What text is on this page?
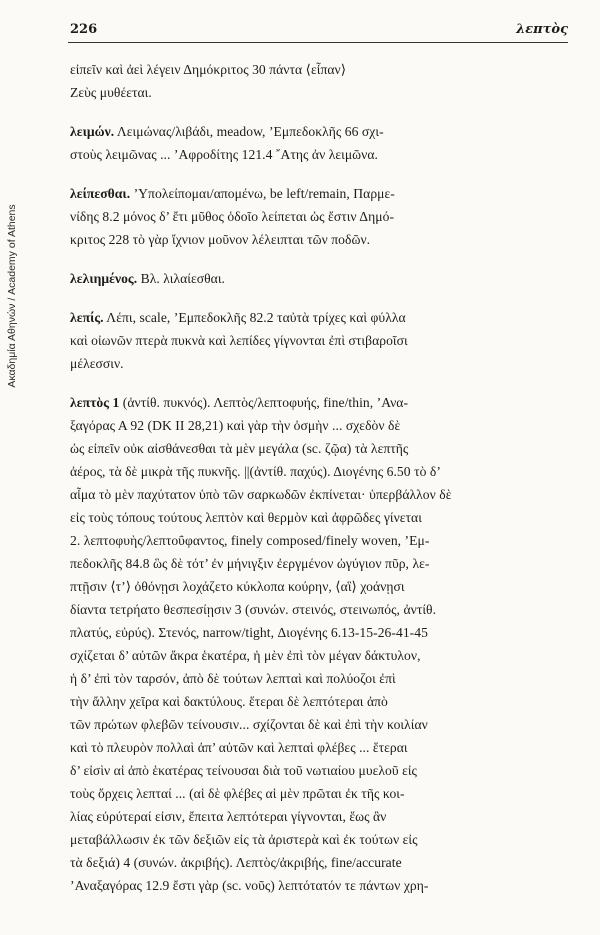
Ακαδημία Αθηνών / Academy of Athens
226	λεπτὸς

εἰπεῖν καὶ ἀεὶ λέγειν Δημόκριτος 30 πάντα ⟨εἶπαν⟩
Ζεὺς μυθέεται.

λειμών. Λειμώνας/λιβάδι, meadow, ’Εμπεδοκλῆς 66 σχι-
στοὺς λειμῶνας ... ’Αφροδίτης 121.4 ῎Ατης ἀν λειμῶνα.

λείπεσθαι. ’Υπολείπομαι/απομένω, be left/remain, Παρμε-
νίδης 8.2 μόνος δ’ ἔτι μῦθος ὁδοῖο λείπεται ὡς ἔστιν Δημό-
κριτος 228 τὸ γὰρ ἴχνιον μοῦνον λέλειπται τῶν ποδῶν.

λελιημένος. Βλ. λιλαίεσθαι.

λεπίς. Λέπι, scale, ’Εμπεδοκλῆς 82.2 ταὐτὰ τρίχες καὶ φύλλα
καὶ οἰωνῶν πτερὰ πυκνὰ καὶ λεπίδες γίγνονται ἐπὶ στιβαροῖσι
μέλεσσιν.

λεπτὸς 1 (ἀντίθ. πυκνός). Λεπτὸς/λεπτοφυής, fine/thin, ’Ανα-
ξαγόρας Α 92 (DK II 28,21) καὶ γὰρ τὴν ὀσμὴν ... σχεδὸν δὲ
ὡς εἰπεῖν οὐκ αἰσθάνεσθαι τὰ μὲν μεγάλα (sc. ζῷα) τὰ λεπτῆς
ἀέρος, τὰ δὲ μικρὰ τῆς πυκνῆς. ||(ἀντίθ. παχύς). Διογένης 6.50 τὸ δ’
αἷμα τὸ μὲν παχύτατον ὑπὸ τῶν σαρκωδῶν ἐκπίνεται· ὑπερβάλλον δὲ
εἰς τοὺς τόπους τούτους λεπτὸν καὶ θερμὸν καὶ ἀφρῶδες γίνεται
2. λεπτοφυὴς/λεπτοΰφαντος, finely composed/finely woven, ’Εμ-
πεδοκλῆς 84.8 ὣς δὲ τότ’ ἐν μήνιγξιν ἐεργμένον ὠγύγιον πῦρ, λε-
πτῇσιν ⟨τ’⟩ ὀθόνῃσι λοχάζετο κύκλοπα κούρην, ⟨αἳ⟩ χοάνῃσι
δίαντα τετρήατο θεσπεσίῃσιν 3 (συνών. στεινός, στεινωπός, ἀντίθ.
πλατύς, εὐρύς). Στενός, narrow/tight, Διογένης 6.13-15-26-41-45
σχίζεται δ’ αὐτῶν ἄκρα ἑκατέρα, ἡ μὲν ἐπὶ τὸν μέγαν δάκτυλον,
ἡ δ’ ἐπὶ τὸν ταρσόν, ἀπὸ δὲ τούτων λεπταὶ καὶ πολύοζοι ἐπὶ
τὴν ἄλλην χεῖρα καὶ δακτύλους. ἕτεραι δὲ λεπτότεραι ἀπὸ
τῶν πρώτων φλεβῶν τείνουσιν... σχίζονται δὲ καὶ ἐπὶ τὴν κοιλίαν
καὶ τὸ πλευρὸν πολλαὶ ἀπ’ αὐτῶν καὶ λεπταὶ φλέβες ... ἕτεραι
δ’ εἰσὶν αἱ ἀπὸ ἑκατέρας τείνουσαι διὰ τοῦ νωτιαίου μυελοῦ εἰς
τοὺς ὄρχεις λεπταί ... (αἱ δὲ φλέβες αἱ μὲν πρῶται ἐκ τῆς κοι-
λίας εὐρύτεραί εἰσιν, ἔπειτα λεπτότεραι γίγνονται, ἕως ἂν
μεταβάλλωσιν ἐκ τῶν δεξιῶν εἰς τὰ ἀριστερὰ καὶ ἐκ τούτων εἰς
τὰ δεξιά) 4 (συνών. ἀκριβής). Λεπτὸς/ἀκριβής, fine/accurate
’Αναξαγόρας 12.9 ἔστι γὰρ (sc. νοῦς) λεπτότατόν τε πάντων χρη-
